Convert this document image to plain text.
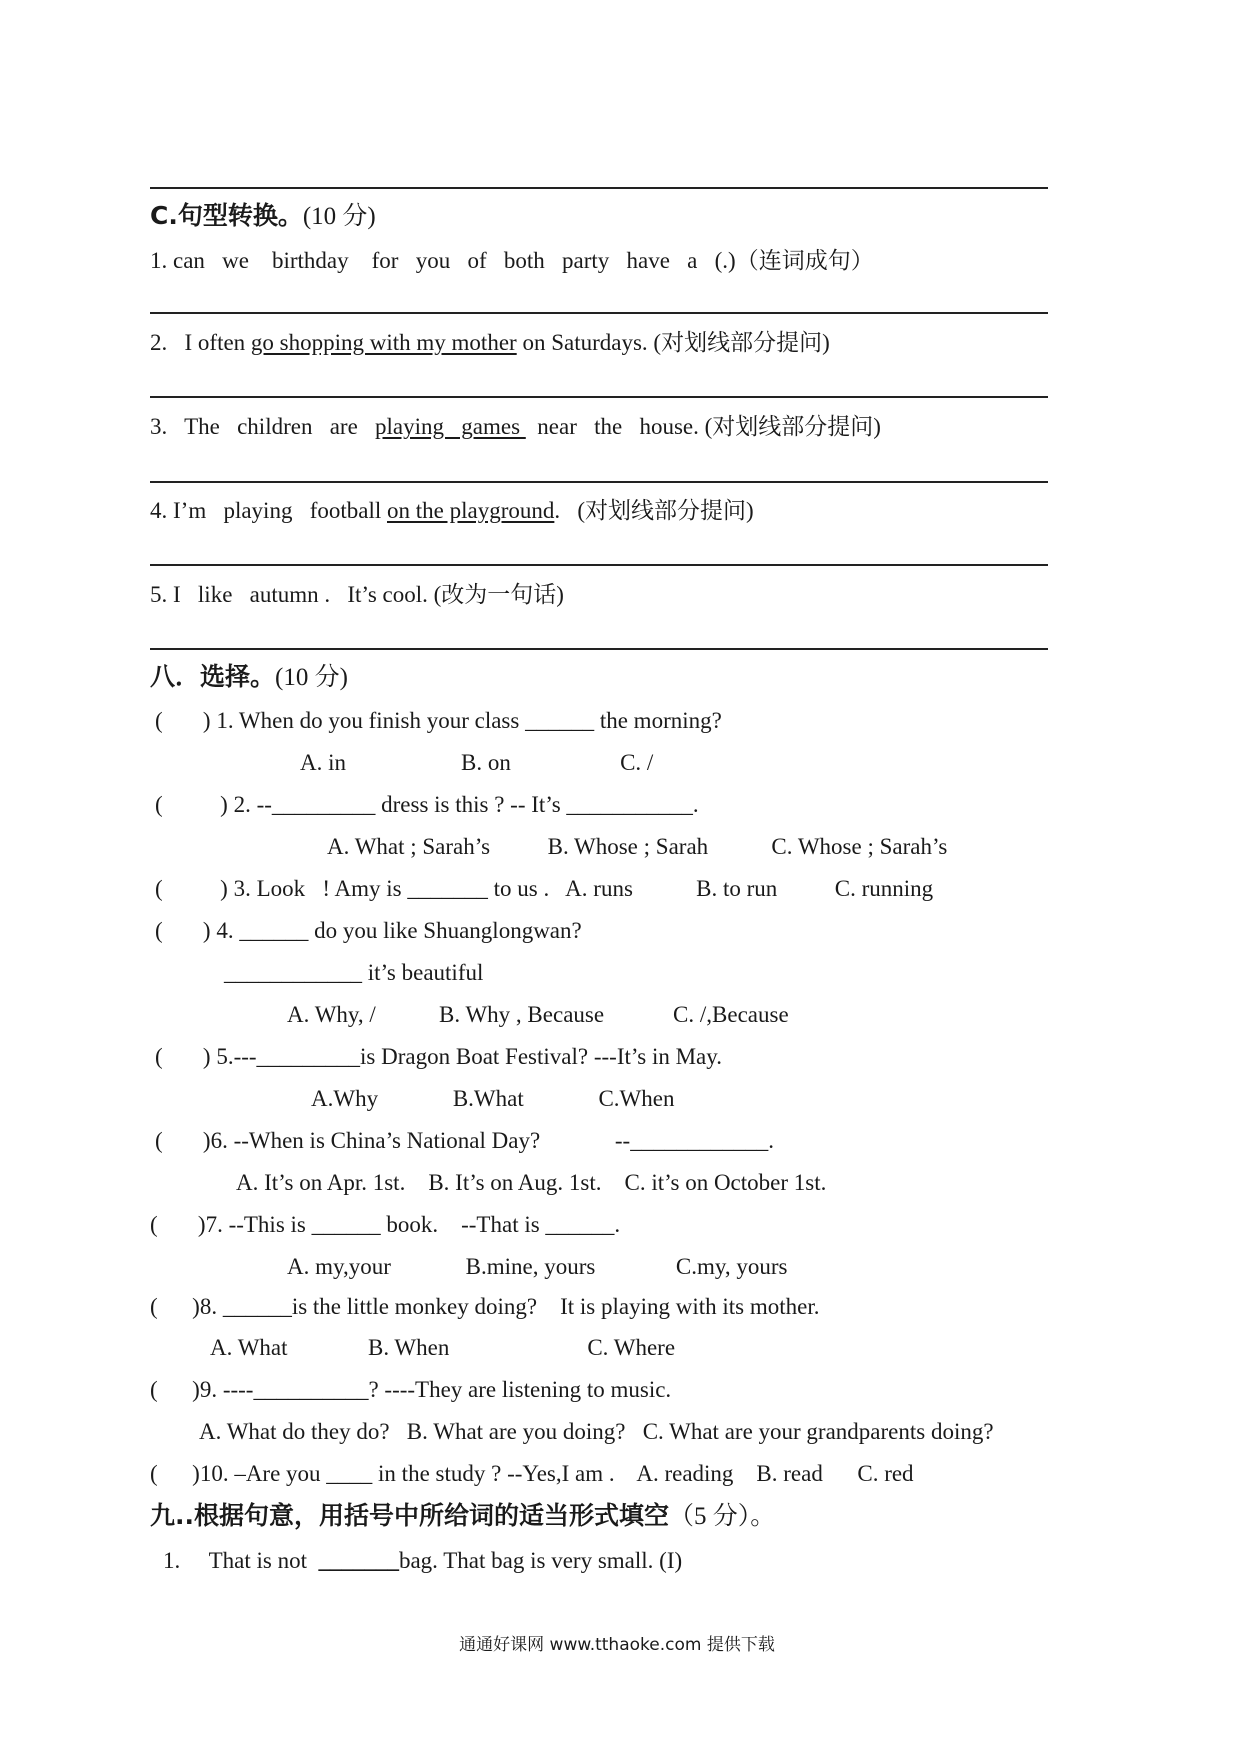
C.句型转换。(10 分)
1. can   we    birthday    for   you   of   both   party   have   a   (.)（连词成句）
2.   I often go shopping with my mother on Saturdays. (对划线部分提问)
3.   The   children   are   playing   games   near   the   house. (对划线部分提问)
4. I’m   playing   football on the playground.   (对划线部分提问)
5. I   like   autumn .   It’s cool. (改为一句话)
八．选择。(10 分)
(       ) 1. When do you finish your class ______ the morning?
A. in                    B. on                   C. /
(          ) 2. --_________ dress is this ? -- It’s ___________.
A. What ; Sarah’s          B. Whose ; Sarah           C. Whose ; Sarah’s
(          ) 3. Look   ! Amy is _______ to us .   A. runs           B. to run          C. running
(       ) 4. ______ do you like Shuanglongwan?
____________ it’s beautiful
A. Why, /           B. Why , Because            C. /,Because
(       ) 5.---_________is Dragon Boat Festival? ---It’s in May.
A.Why             B.What             C.When
(       )6. --When is China’s National Day?             --____________.
A. It’s on Apr. 1st.    B. It’s on Aug. 1st.    C. it’s on October 1st.
(       )7. --This is ______ book.    --That is ______.
A. my,your             B.mine, yours              C.my, yours
(      )8. ______is the little monkey doing?    It is playing with its mother.
A. What              B. When                        C. Where
(      )9. ----__________? ----They are listening to music.
A. What do they do?   B. What are you doing?   C. What are your grandparents doing?
(      )10. –Are you ____ in the study ? --Yes,I am .    A. reading    B. read      C. red
九..根据句意，用括号中所给词的适当形式填空（5 分）。
1.     That is not  _______bag. That bag is very small. (I)
通通好课网 www.tthaoke.com 提供下载
